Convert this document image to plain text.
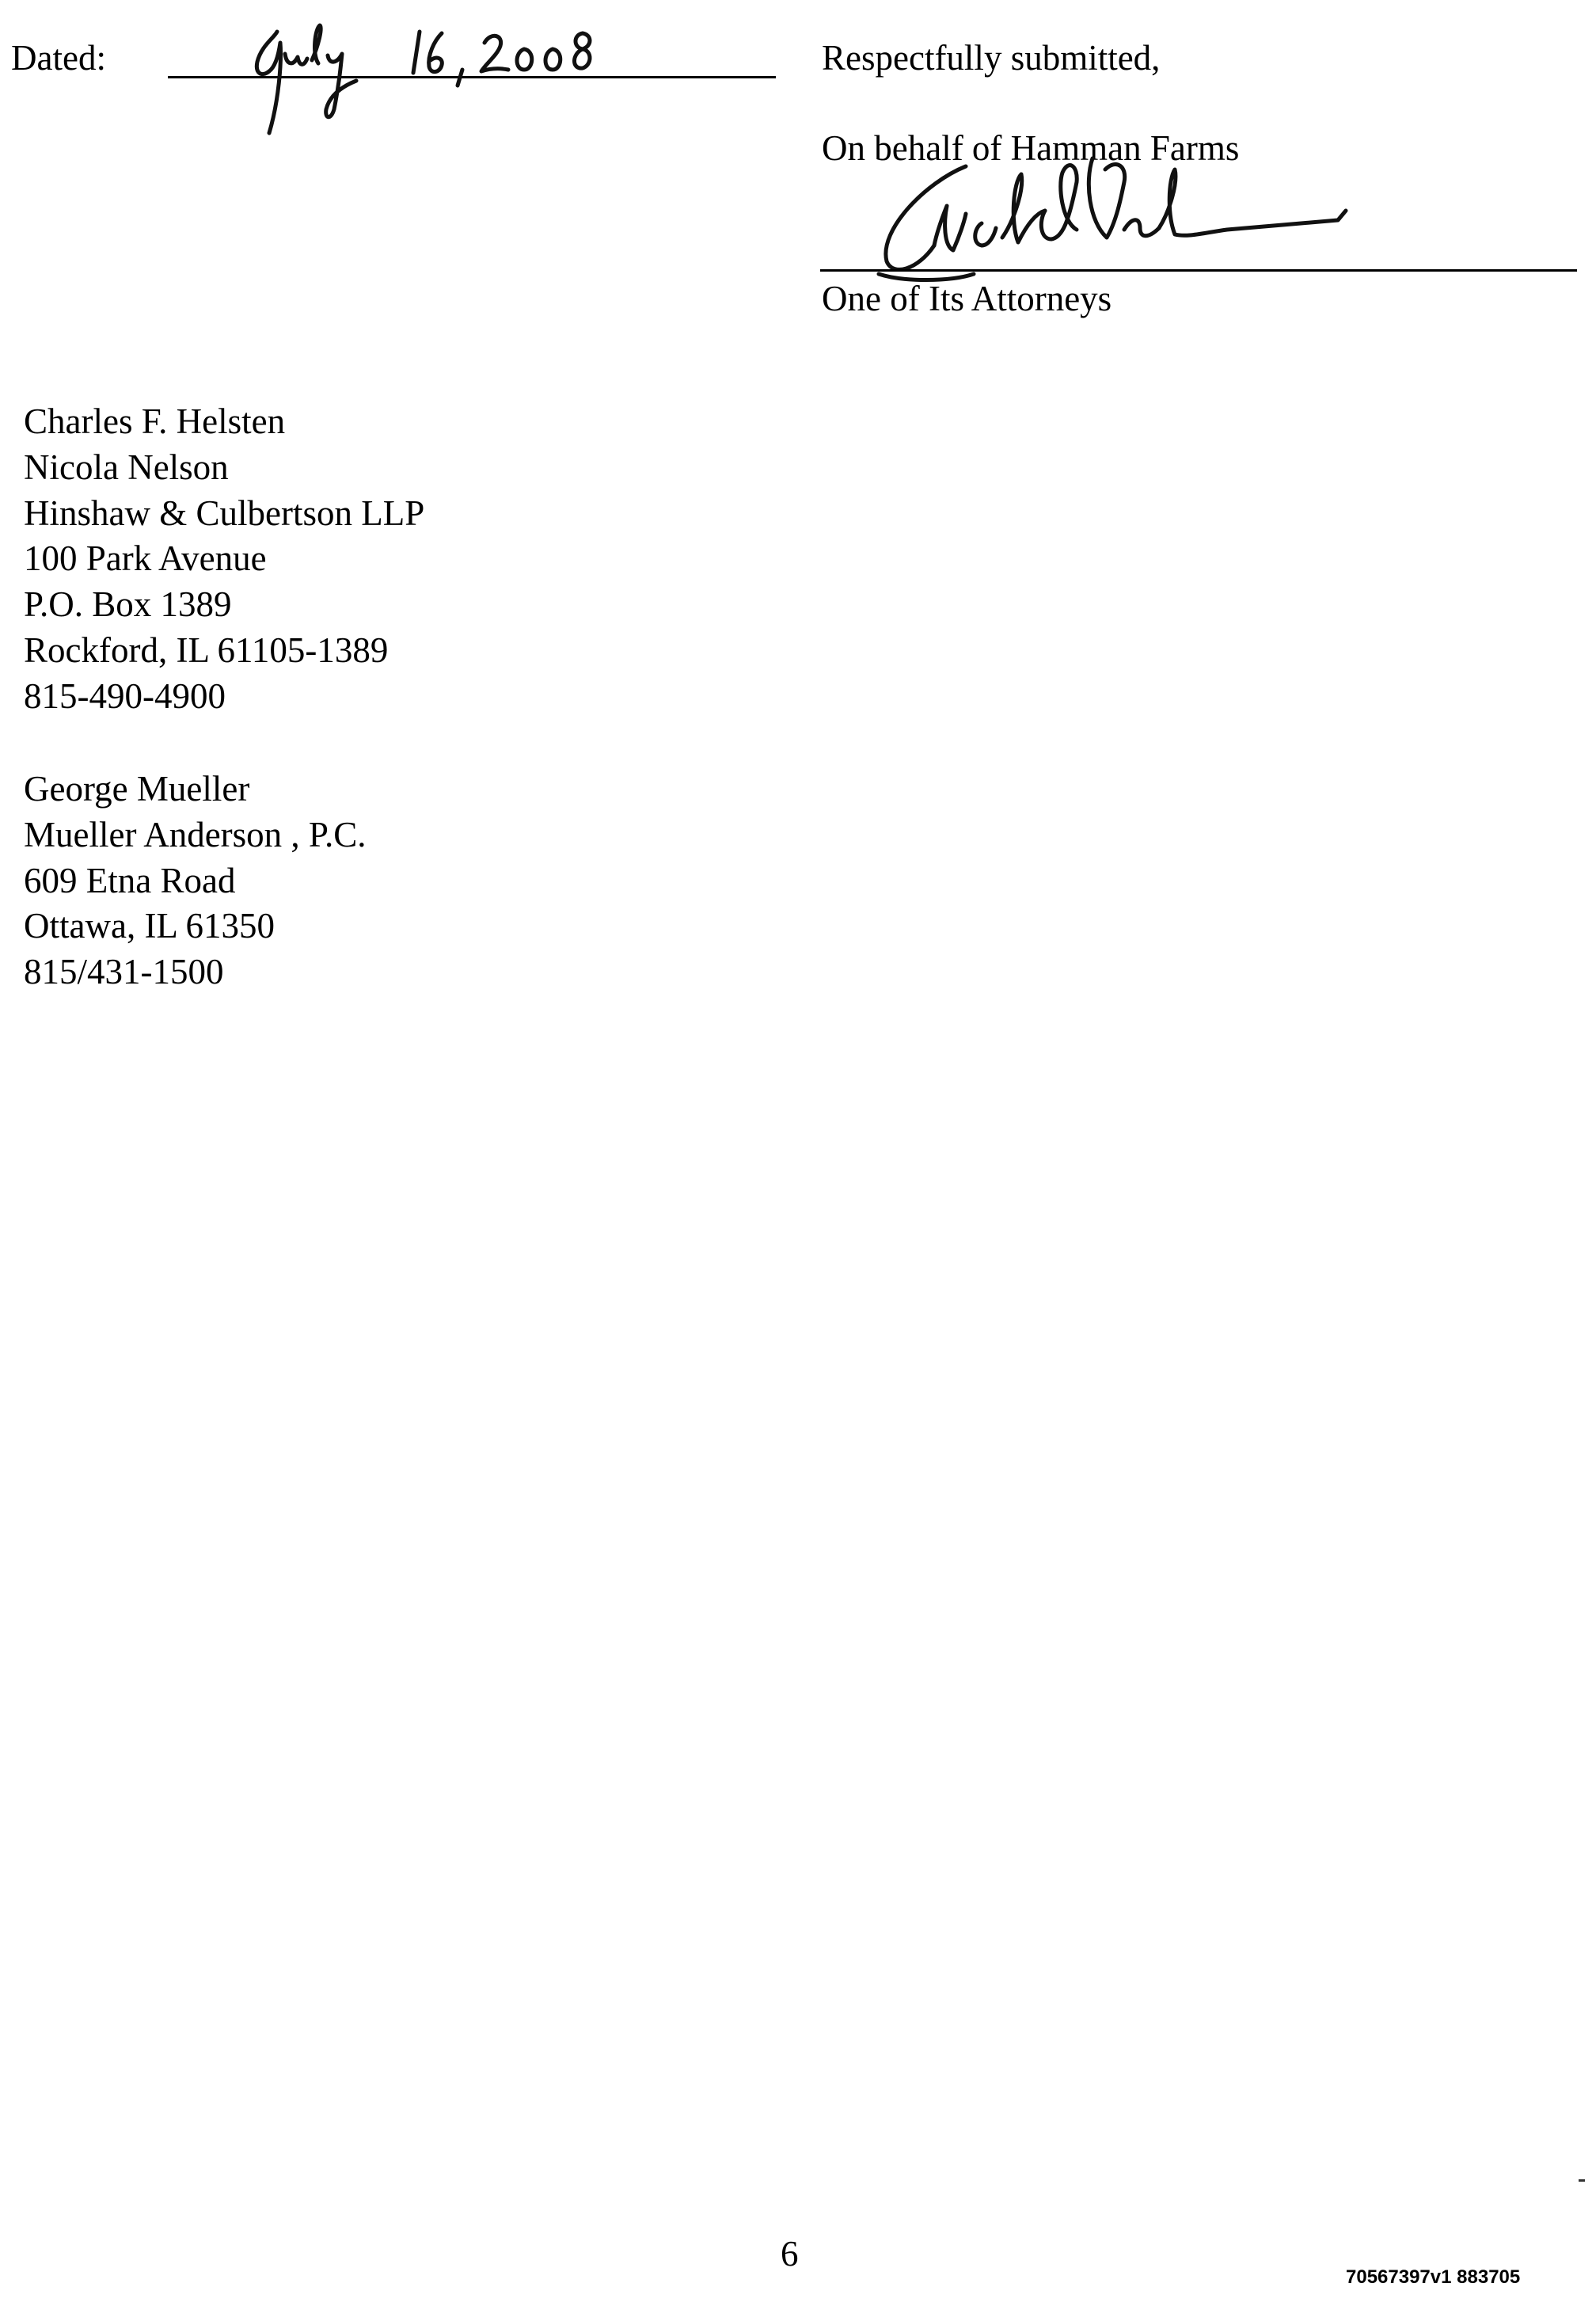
Dated:	Respectfully submitted,
On behalf of Hamman Farms
One of Its Attorneys
Charles F. Helsten
Nicola Nelson
Hinshaw & Culbertson LLP
100 Park Avenue
P.O. Box 1389
Rockford, IL 61105-1389
815-490-4900
George Mueller
Mueller Anderson , P.C.
609 Etna Road
Ottawa, IL 61350
815/431-1500
6
70567397v1 883705
